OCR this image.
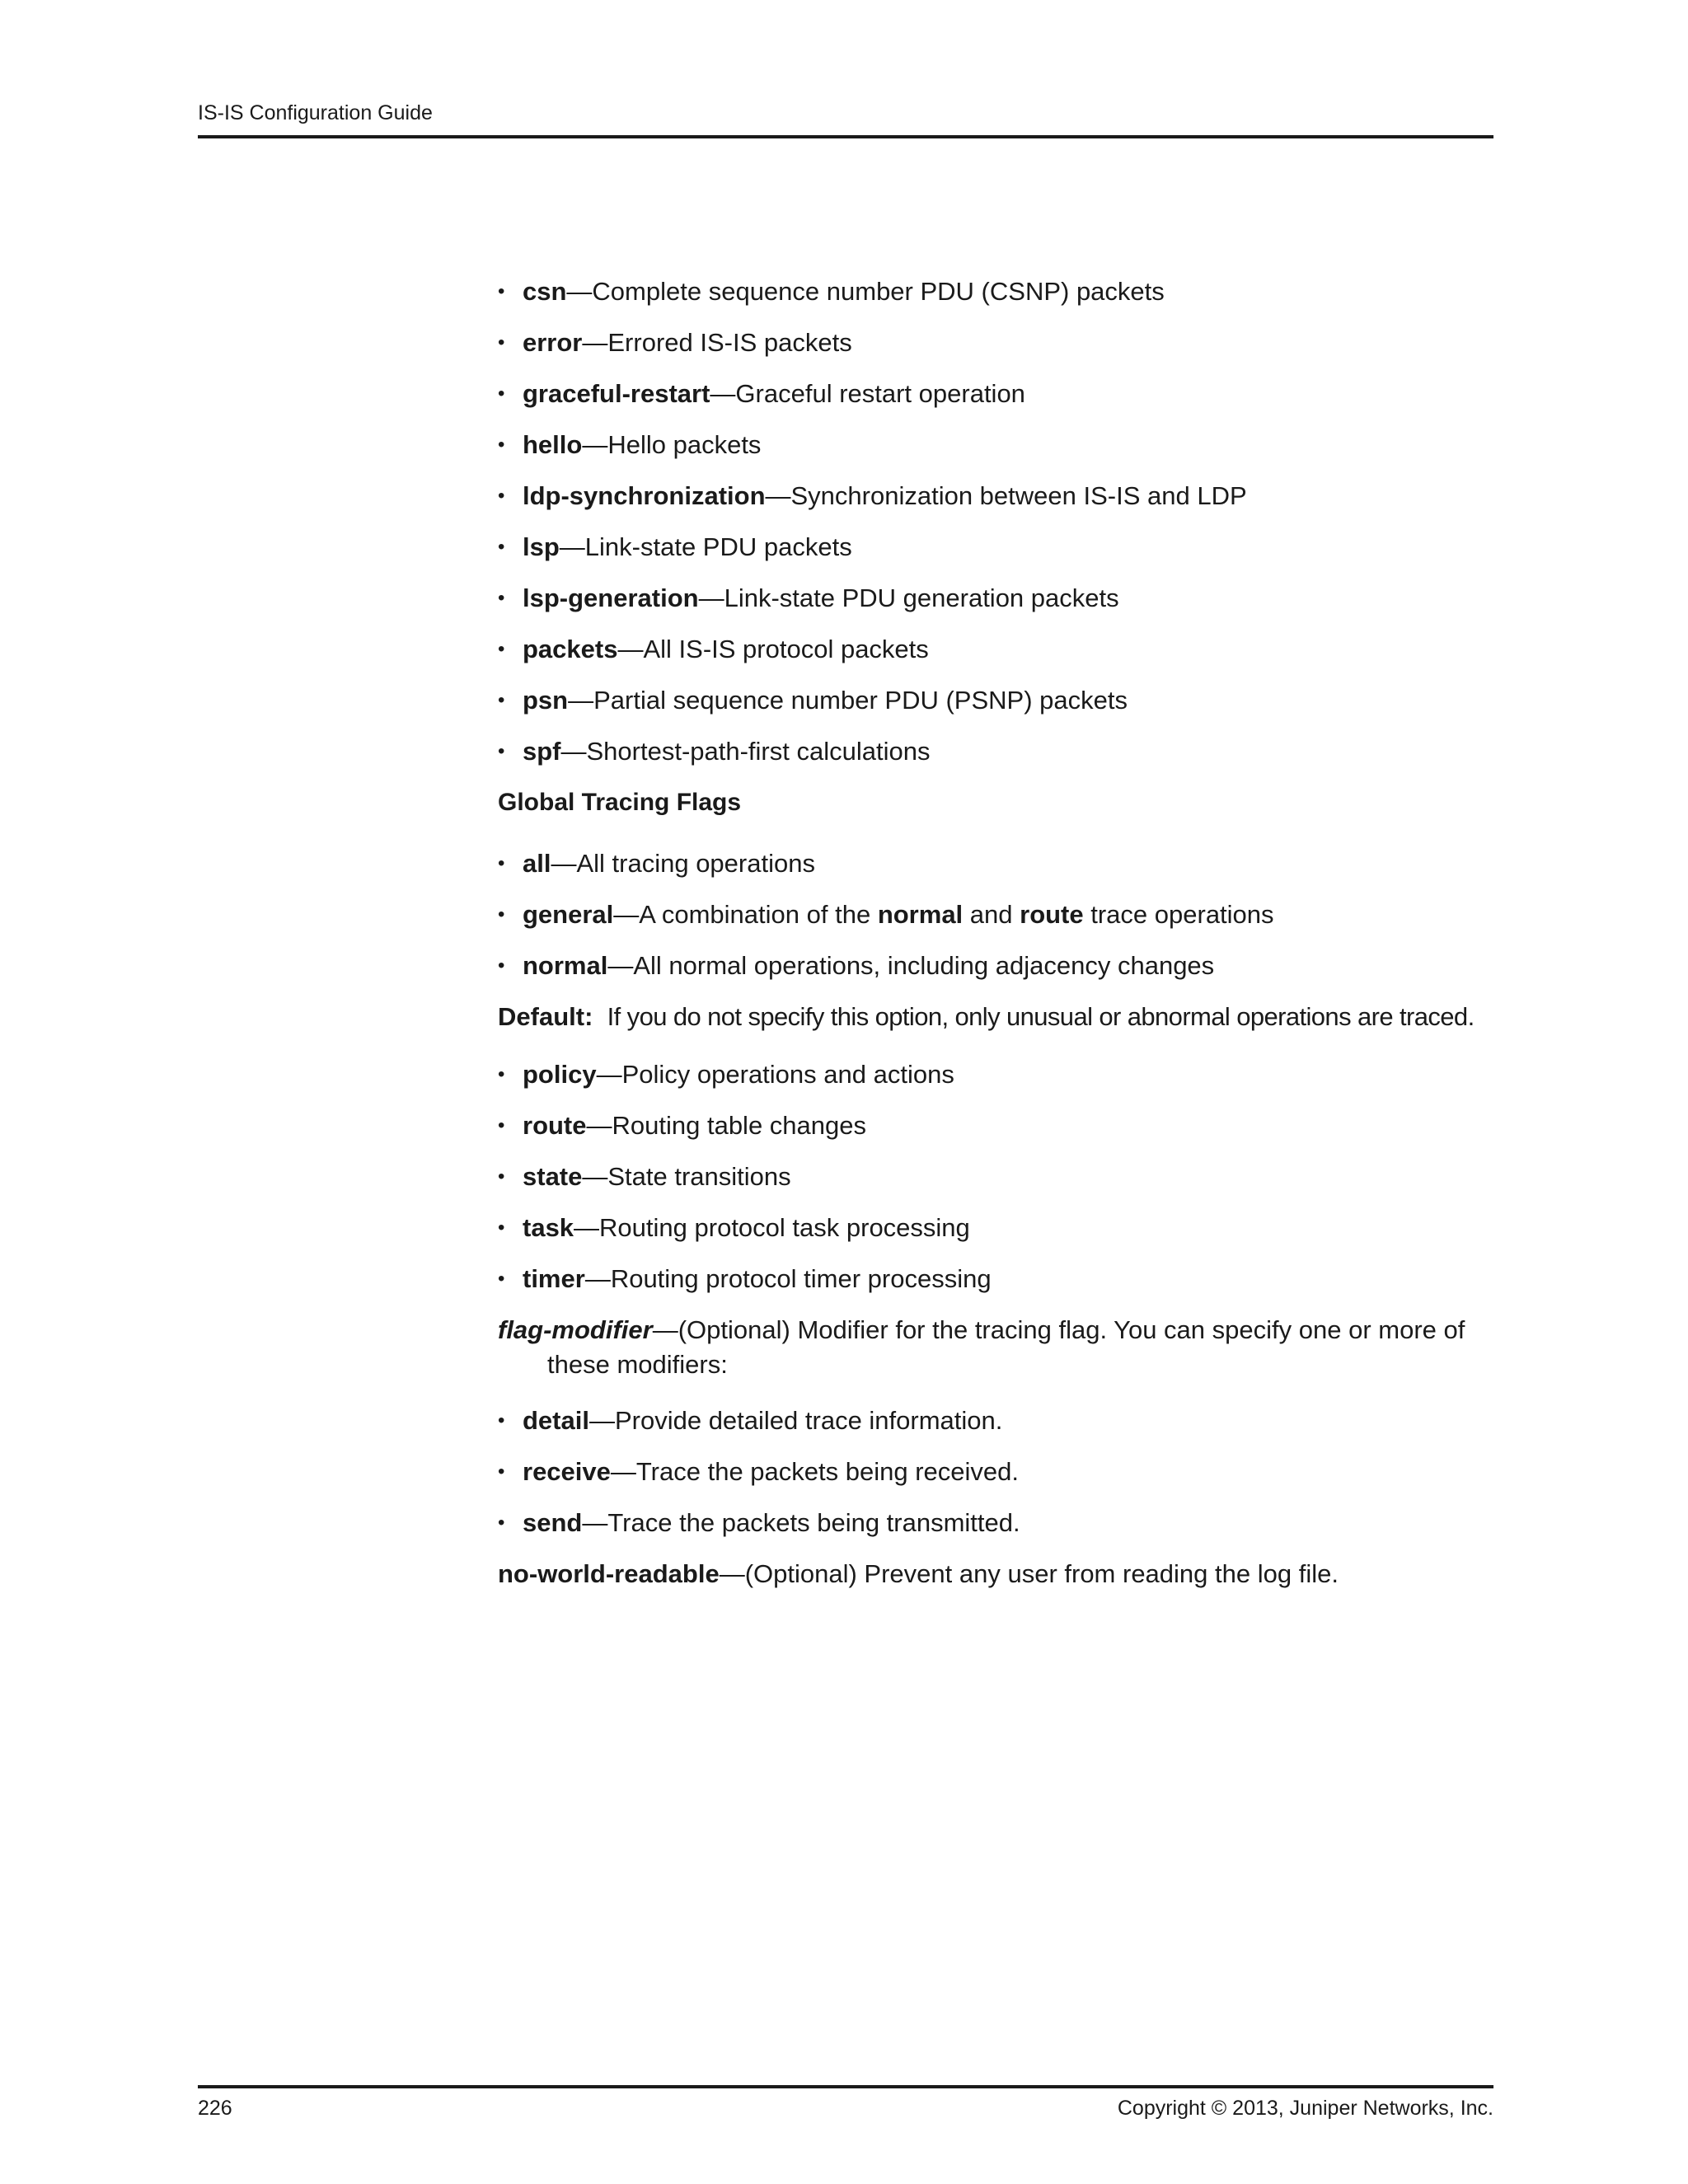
IS-IS Configuration Guide
• csn—Complete sequence number PDU (CSNP) packets
• error—Errored IS-IS packets
• graceful-restart—Graceful restart operation
• hello—Hello packets
• ldp-synchronization—Synchronization between IS-IS and LDP
• lsp—Link-state PDU packets
• lsp-generation—Link-state PDU generation packets
• packets—All IS-IS protocol packets
• psn—Partial sequence number PDU (PSNP) packets
• spf—Shortest-path-first calculations
Global Tracing Flags
• all—All tracing operations
• general—A combination of the normal and route trace operations
• normal—All normal operations, including adjacency changes

Default: If you do not specify this option, only unusual or abnormal operations are traced.

• policy—Policy operations and actions
• route—Routing table changes
• state—State transitions
• task—Routing protocol task processing
• timer—Routing protocol timer processing

flag-modifier—(Optional) Modifier for the tracing flag. You can specify one or more of these modifiers:

• detail—Provide detailed trace information.
• receive—Trace the packets being received.
• send—Trace the packets being transmitted.

no-world-readable—(Optional) Prevent any user from reading the log file.

226	Copyright © 2013, Juniper Networks, Inc.
